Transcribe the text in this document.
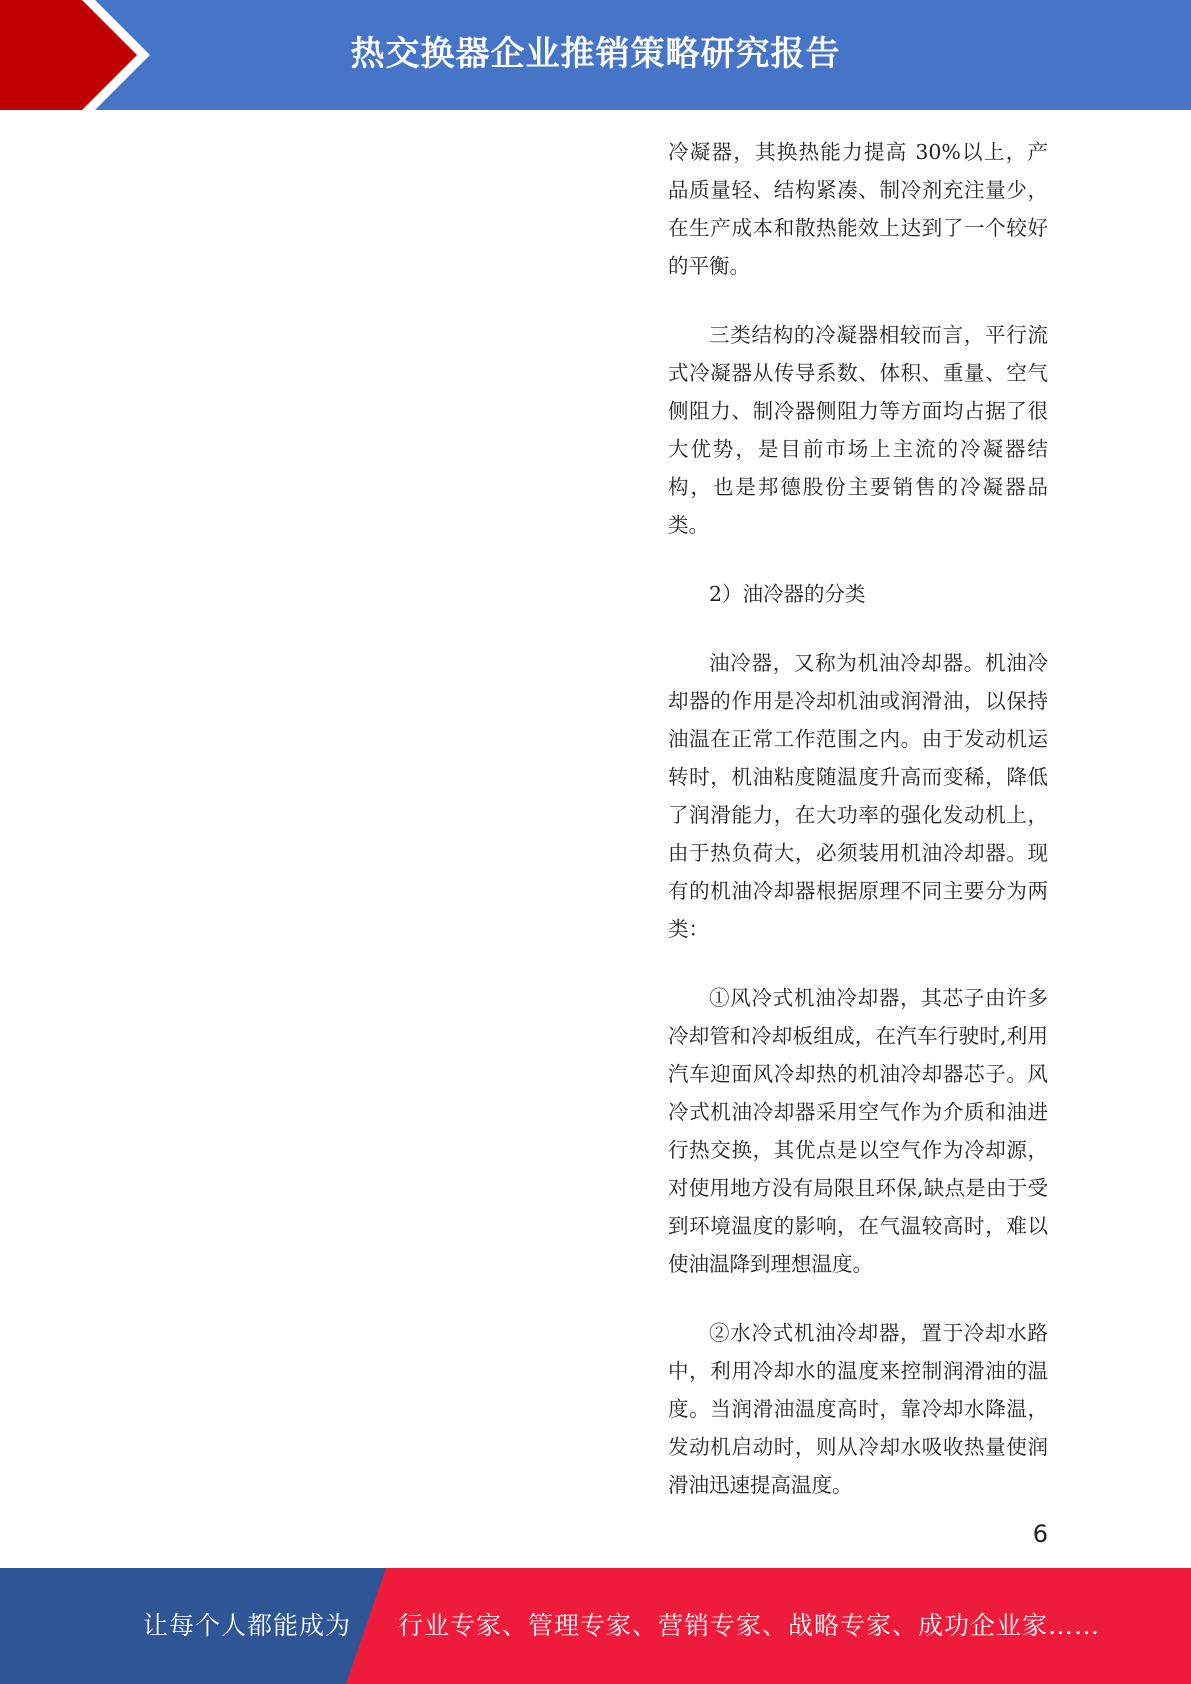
热交换器企业推销策略研究报告

冷凝器，其换热能力提高 30%以上，产品质量轻、结构紧凑、制冷剂充注量少，在生产成本和散热能效上达到了一个较好的平衡。

三类结构的冷凝器相较而言，平行流式冷凝器从传导系数、体积、重量、空气侧阻力、制冷器侧阻力等方面均占据了很大优势，是目前市场上主流的冷凝器结构，也是邦德股份主要销售的冷凝器品类。

2）油冷器的分类

油冷器，又称为机油冷却器。机油冷却器的作用是冷却机油或润滑油，以保持油温在正常工作范围之内。由于发动机运转时，机油粘度随温度升高而变稀，降低了润滑能力，在大功率的强化发动机上，由于热负荷大，必须装用机油冷却器。现有的机油冷却器根据原理不同主要分为两类：

①风冷式机油冷却器，其芯子由许多冷却管和冷却板组成，在汽车行驶时,利用汽车迎面风冷却热的机油冷却器芯子。风冷式机油冷却器采用空气作为介质和油进行热交换，其优点是以空气作为冷却源，对使用地方没有局限且环保,缺点是由于受到环境温度的影响，在气温较高时，难以使油温降到理想温度。

②水冷式机油冷却器，置于冷却水路中，利用冷却水的温度来控制润滑油的温度。当润滑油温度高时，靠冷却水降温，发动机启动时，则从冷却水吸收热量使润滑油迅速提高温度。

6
让每个人都能成为 行业专家、管理专家、营销专家、战略专家、成功企业家……
